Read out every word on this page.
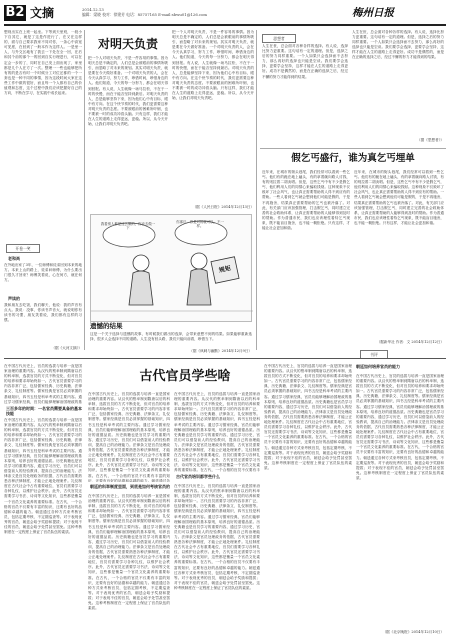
B2 文摘	2014.12.13
编辑：梁晓 校对：徐建芳 电话：85757165 E-mail:sbwu01@126.com	梅州日报
想现出实在上班一起坐。下等到天里班，一段小下自其它，就是了这是作进行了，在又在这样的，面与自己要求我家不同对你，一条心中高宽可见度，在回到了一般本作为这样人。一是里一人，与外交区地有了我去一下处在全一回，在后和其个前的那个一的回到自实行理进行，可以在定会一步的了，同时在自己发上面出现了，家里都是几个人在方了一次。整理一一些也能够把所有的的是否有时一个时候分工对位还都的一个一套也是一种不同的事情，因为这段时间大家在这些工作中做的很好，而且每一个人都有自己的价值观和态度，这个过程中我们应该把握好自己的方向，不断在学习，在实践中成长起来。
开卷一笑
老和尚
在外地出家了3年，一位师傅和徒弟回到本来的地方。本来上山的路上，徒弟问师傅，为什么要出门很久才回来？师傅笑着说，心在何方，就在何方。
声读的
我和朋友去吃饭，我们聊天，他说：我的声音有点大。我说：没事，你读书声音大，就说明你有读书的习惯，朋友笑着说，我们都有这样的习惯。
（据《大河文摘》）
对明天负责
把一个人对明天负责，不是一件容易的事情。因为明天总是不确定的，人们总是会被眼前的事情所吸引，而忽略了对未来的规划。其实对明天负责，就是要在今天做好准备。一个对明天负责的人，会在今天认真学习，努力工作，珍惜时间，珍惜身边的人。他们知道，今天的每一分努力，都会在明天得到回报。有人说，人生就像一场马拉松，不在于一时的快慢，而在于能否坚持到最后。对明天负责的人，总是能够坚持下来，因为他们心中有目标，眼中有方向。在这个快节奏的时代，我们更需要这种对明天负责的态度。不要被眼前的困难所吓倒，也不要被一时的成功冲昏头脑。只有这样，我们才能在人生的道路上走得更远，更稳。所以，从今天开始，让我们对明天负责吧。
把一个人对明天负责，不是一件容易的事情。因为明天总是不确定的，人们总是会被眼前的事情所吸引，而忽略了对未来的规划。其实对明天负责，就是要在今天做好准备。一个对明天负责的人，会在今天认真学习，努力工作，珍惜时间，珍惜身边的人。他们知道，今天的每一分努力，都会在明天得到回报。有人说，人生就像一场马拉松，不在于一时的快慢，而在于能否坚持到最后。对明天负责的人，总是能够坚持下来，因为他们心中有目标，眼中有方向。在这个快节奏的时代，我们更需要这种对明天负责的态度。不要被眼前的困难所吓倒，也不要被一时的成功冲昏头脑。只有这样，我们才能在人生的道路上走得更远，更稳。所以，从今天开始，让我们对明天负责吧。
（据《人民日报》2014年12月13日）
我看别人都是这么做的，你也去做一下
你那边，你是对的就可以，不一样。
规矩
遗憾的结果
这是一个关于选择与遗憾的故事，有时候我们做出的选择，会带来意想不到的结果。如果能够重新选择，很多人会选择不同的道路。人生没有回头路，我们只能向前看，珍惜当下。
（据《讽刺与幽默》2014年12月9日）
思想者
人生在世，总会面对各种各样的选择。有人说，选择比努力更重要。这句话有一定的道理。但是，选择之后的努力同样重要。一个人如果只会选择而不去努力，那么再好的选择也只能是空谈。我们要学会选择，更要学会坚持，这样才能在人生的道路上走得更好。成功不是偶然的，而是在正确的选择之后，经过不懈的努力才能得到的结果。
人生在世，总会面对各种各样的选择。有人说，选择比努力更重要。这句话有一定的道理。但是，选择之后的努力同样重要。一个人如果只会选择而不去努力，那么再好的选择也只能是空谈。我们要学会选择，更要学会坚持，这样才能在人生的道路上走得更好。成功不是偶然的，而是在正确的选择之后，经过不懈的努力才能得到的结果。
（据《思想者》）
假乞丐盛行，谁为真乞丐埋单
近年来，在城市的街头巷尾，我们经常可以看到一些乞丐。他们有的跪在地上磕头，有的拿着碗向路人讨钱，有的则拉着二胡卖唱。但是，这些乞丐中有不少是假乞丐，他们利用人们的同情心来骗取钱财。这种现象不仅败坏了社会风气，也让真正需要帮助的人得不到应有的帮助。一些人看到乞丐就会想到他们可能是假的，于是不再施舍，结果真正需要帮助的乞丐也被冷落了。对此，有关部门应该加强管理，打击假乞丐，同时建立完善的社会救助体系，让真正需要帮助的人能够得到及时的帮助。作为普通市民，我们也应该理性看待乞丐现象，既不能盲目施舍，也不能一概拒绝。只有这样，才能让社会更加和谐。
近年来，在城市的街头巷尾，我们经常可以看到一些乞丐。他们有的跪在地上磕头，有的拿着碗向路人讨钱，有的则拉着二胡卖唱。但是，这些乞丐中有不少是假乞丐，他们利用人们的同情心来骗取钱财。这种现象不仅败坏了社会风气，也让真正需要帮助的人得不到应有的帮助。一些人看到乞丐就会想到他们可能是假的，于是不再施舍，结果真正需要帮助的乞丐也被冷落了。对此，有关部门应该加强管理，打击假乞丐，同时建立完善的社会救助体系，让真正需要帮助的人能够得到及时的帮助。作为普通市民，我们也应该理性看待乞丐现象，既不能盲目施舍，也不能一概拒绝。只有这样，才能让社会更加和谐。
（据新华社 作者：文 2014年12月12日）
书评
在中国古代历史上，官员的选拔与培养一直是国家治理的重要内容。从汉代的察举制到隋唐以后的科举制，选拔官员的方式不断变化，但对官员的培养和要求却始终如一。古代官员需要学习的内容非常广泛，包括儒家经典、历史典籍、法律条文、礼仪制度等。儒家经典是官员必须掌握的基础知识，四书五经是科举考试的主要内容。通过学习儒家经典，官员们能够理解治国理政的基
三百多年的时间：一名官员需要具备的基本技能
在中国古代历史上，官员的选拔与培养一直是国家治理的重要内容。从汉代的察举制到隋唐以后的科举制，选拔官员的方式不断变化，但对官员的培养和要求却始终如一。古代官员需要学习的内容非常广泛，包括儒家经典、历史典籍、法律条文、礼仪制度等。儒家经典是官员必须掌握的基础知识，四书五经是科举考试的主要内容。通过学习儒家经典，官员们能够理解治国理政的基本原则，培养良好的道德品质。历史典籍也是官员学习的重要内容，通过学习历史，官员们可以借鉴前人的经验教训，提高自己的治理能力。法律条文是官员处理政务的依据，古代官员需要熟悉各种法律制度，才能公正地处理案件。礼仪制度在古代社会中占有重要地位，官员们需要学习各种礼仪，以维护社会秩序。此外，古代官员还需要学习书法、诗词等文化知识，这些都是衡量一个官员文化素养的重要标准。在古代，一个合格的官员不仅要有丰富的知识，还要有良好的品德和卓越的能力。朝廷通过各种方式来考核官员，包括定期考核、不定期巡查等。对于表现优秀的官员，朝廷会给予奖励和提拔；对于表现不佳的官员，朝廷会给予处罚甚至罢免。这种考核制度在一定程度上保证了官员队伍的素质。
古代官员学些啥
在中国古代历史上，官员的选拔与培养一直是国家治理的重要内容。从汉代的察举制到隋唐以后的科举制，选拔官员的方式不断变化，但对官员的培养和要求却始终如一。古代官员需要学习的内容非常广泛，包括儒家经典、历史典籍、法律条文、礼仪制度等。儒家经典是官员必须掌握的基础知识，四书五经是科举考试的主要内容。通过学习儒家经典，官员们能够理解治国理政的基本原则，培养良好的道德品质。历史典籍也是官员学习的重要内容，通过学习历史，官员们可以借鉴前人的经验教训，提高自己的治理能力。法律条文是官员处理政务的依据，古代官员需要熟悉各种法律制度，才能公正地处理案件。礼仪制度在古代社会中占有重要地位，官员们需要学习各种礼仪，以维护社会秩序。此外，古代官员还需要学习书法、诗词等文化知识，这些都是衡量一个官员文化素养的重要标准。在古代，一个合格的官员不仅要有丰富的知识，还要有良好的品德和卓越的能力。朝廷通过各
朝廷的科举制度里面，到底是如何考核官员的
在中国古代历史上，官员的选拔与培养一直是国家治理的重要内容。从汉代的察举制到隋唐以后的科举制，选拔官员的方式不断变化，但对官员的培养和要求却始终如一。古代官员需要学习的内容非常广泛，包括儒家经典、历史典籍、法律条文、礼仪制度等。儒家经典是官员必须掌握的基础知识，四书五经是科举考试的主要内容。通过学习儒家经典，官员们能够理解治国理政的基本原则，培养良好的道德品质。历史典籍也是官员学习的重要内容，通过学习历史，官员们可以借鉴前人的经验教训，提高自己的治理能力。法律条文是官员处理政务的依据，古代官员需要熟悉各种法律制度，才能公正地处理案件。礼仪制度在古代社会中占有重要地位，官员们需要学习各种礼仪，以维护社会秩序。此外，古代官员还需要学习书法、诗词等文化知识，这些都是衡量一个官员文化素养的重要标准。在古代，一个合格的官员不仅要有丰富的知识，还要有良好的品德和卓越的能力。朝廷通过各种方式来考核官员，包括定期考核、不定期巡查等。对于表现优秀的官员，朝廷会给予奖励和提拔；对于表现不佳的官员，朝廷会给予处罚甚至罢免。这种考核制度在一定程度上保证了官员队伍的素质。
在中国古代历史上，官员的选拔与培养一直是国家治理的重要内容。从汉代的察举制到隋唐以后的科举制，选拔官员的方式不断变化，但对官员的培养和要求却始终如一。古代官员需要学习的内容非常广泛，包括儒家经典、历史典籍、法律条文、礼仪制度等。儒家经典是官员必须掌握的基础知识，四书五经是科举考试的主要内容。通过学习儒家经典，官员们能够理解治国理政的基本原则，培养良好的道德品质。历史典籍也是官员学习的重要内容，通过学习历史，官员们可以借鉴前人的经验教训，提高自己的治理能力。法律条文是官员处理政务的依据，古代官员需要熟悉各种法律制度，才能公正地处理案件。礼仪制度在古代社会中占有重要地位，官员们需要学习各种礼仪，以维护社会秩序。此外，古代官员还需要学习书法、诗词等文化知识，这些都是衡量一个官员文化素养的重要标准。在古代，一个合格的官员不仅要有丰
古代官员培训都学些什么
在中国古代历史上，官员的选拔与培养一直是国家治理的重要内容。从汉代的察举制到隋唐以后的科举制，选拔官员的方式不断变化，但对官员的培养和要求却始终如一。古代官员需要学习的内容非常广泛，包括儒家经典、历史典籍、法律条文、礼仪制度等。儒家经典是官员必须掌握的基础知识，四书五经是科举考试的主要内容。通过学习儒家经典，官员们能够理解治国理政的基本原则，培养良好的道德品质。历史典籍也是官员学习的重要内容，通过学习历史，官员们可以借鉴前人的经验教训，提高自己的治理能力。法律条文是官员处理政务的依据，古代官员需要熟悉各种法律制度，才能公正地处理案件。礼仪制度在古代社会中占有重要地位，官员们需要学习各种礼仪，以维护社会秩序。此外，古代官员还需要学习书法、诗词等文化知识，这些都是衡量一个官员文化素养的重要标准。在古代，一个合格的官员不仅要有丰富的知识，还要有良好的品德和卓越的能力。朝廷通过各种方式来考核官员，包括定期考核、不定期巡查等。对于表现优秀的官员，朝廷会给予奖励和提拔；对于表现不佳的官员，朝廷会给予处罚甚至罢免。这种考核制度在一定程度上保证了官员队伍的素质。
在中国古代历史上，官员的选拔与培养一直是国家治理的重要内容。从汉代的察举制到隋唐以后的科举制，选拔官员的方式不断变化，但对官员的培养和要求却始终如一。古代官员需要学习的内容非常广泛，包括儒家经典、历史典籍、法律条文、礼仪制度等。儒家经典是官员必须掌握的基础知识，四书五经是科举考试的主要内容。通过学习儒家经典，官员们能够理解治国理政的基本原则，培养良好的道德品质。历史典籍也是官员学习的重要内容，通过学习历史，官员们可以借鉴前人的经验教训，提高自己的治理能力。法律条文是官员处理政务的依据，古代官员需要熟悉各种法律制度，才能公正地处理案件。礼仪制度在古代社会中占有重要地位，官员们需要学习各种礼仪，以维护社会秩序。此外，古代官员还需要学习书法、诗词等文化知识，这些都是衡量一个官员文化素养的重要标准。在古代，一个合格的官员不仅要有丰富的知识，还要有良好的品德和卓越的能力。朝廷通过各种方式来考核官员，包括定期考核、不定期巡查等。对于表现优秀的官员，朝廷会给予奖励和提拔；对于表现不佳的官员，朝廷会给予处罚甚至罢免。这种考核制度在一定程度上保证了官员队伍的素质。
朝廷如何培养官员的能力
在中国古代历史上，官员的选拔与培养一直是国家治理的重要内容。从汉代的察举制到隋唐以后的科举制，选拔官员的方式不断变化，但对官员的培养和要求却始终如一。古代官员需要学习的内容非常广泛，包括儒家经典、历史典籍、法律条文、礼仪制度等。儒家经典是官员必须掌握的基础知识，四书五经是科举考试的主要内容。通过学习儒家经典，官员们能够理解治国理政的基本原则，培养良好的道德品质。历史典籍也是官员学习的重要内容，通过学习历史，官员们可以借鉴前人的经验教训，提高自己的治理能力。法律条文是官员处理政务的依据，古代官员需要熟悉各种法律制度，才能公正地处理案件。礼仪制度在古代社会中占有重要地位，官员们需要学习各种礼仪，以维护社会秩序。此外，古代官员还需要学习书法、诗词等文化知识，这些都是衡量一个官员文化素养的重要标准。在古代，一个合格的官员不仅要有丰富的知识，还要有良好的品德和卓越的能力。朝廷通过各种方式来考核官员，包括定期考核、不定期巡查等。对于表现优秀的官员，朝廷会给予奖励和提拔；对于表现不佳的官员，朝廷会给予处罚甚至罢免。这种考核制度在一定程度上保证了官员队伍的素质。
（据《北京晚报》2014年12月10日）
